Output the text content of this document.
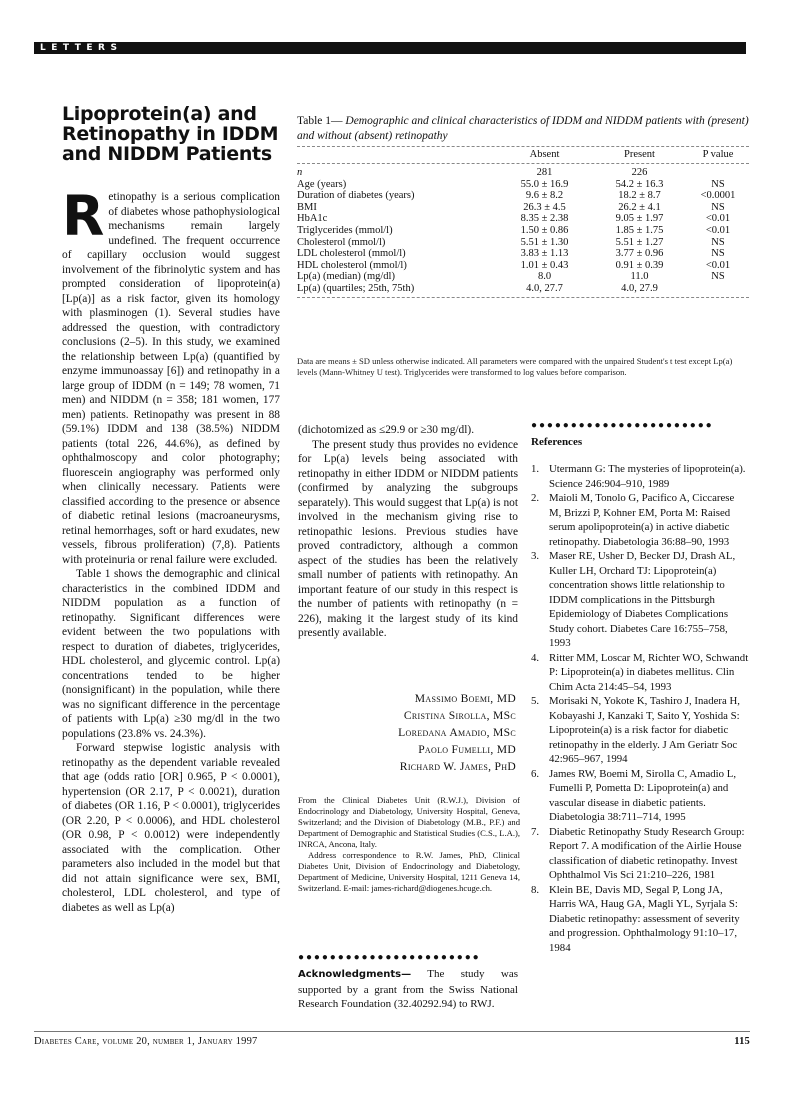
LETTERS
Lipoprotein(a) and Retinopathy in IDDM and NIDDM Patients
Table 1— Demographic and clinical characteristics of IDDM and NIDDM patients with (present) and without (absent) retinopathy
	Absent	Present	P value
n	281	226	
Age (years)	55.0 ± 16.9	54.2 ± 16.3	NS
Duration of diabetes (years)	9.6 ± 8.2	18.2 ± 8.7	<0.0001
BMI	26.3 ± 4.5	26.2 ± 4.1	NS
HbA1c	8.35 ± 2.38	9.05 ± 1.97	<0.01
Triglycerides (mmol/l)	1.50 ± 0.86	1.85 ± 1.75	<0.01
Cholesterol (mmol/l)	5.51 ± 1.30	5.51 ± 1.27	NS
LDL cholesterol (mmol/l)	3.83 ± 1.13	3.77 ± 0.96	NS
HDL cholesterol (mmol/l)	1.01 ± 0.43	0.91 ± 0.39	<0.01
Lp(a) (median) (mg/dl)	8.0	11.0	NS
Lp(a) (quartiles; 25th, 75th)	4.0, 27.7	4.0, 27.9	
Data are means ± SD unless otherwise indicated. All parameters were compared with the unpaired Student's t test except Lp(a) levels (Mann-Whitney U test). Triglycerides were transformed to log values before comparison.

Retinopathy is a serious complication of diabetes whose pathophysiological mechanisms remain largely undefined. The frequent occurrence of capillary occlusion would suggest involvement of the fibrinolytic system and has prompted consideration of lipoprotein(a) [Lp(a)] as a risk factor, given its homology with plasminogen (1). Several studies have addressed the question, with contradictory conclusions (2–5). In this study, we examined the relationship between Lp(a) (quantified by enzyme immunoassay [6]) and retinopathy in a large group of IDDM (n = 149; 78 women, 71 men) and NIDDM (n = 358; 181 women, 177 men) patients. Retinopathy was present in 88 (59.1%) IDDM and 138 (38.5%) NIDDM patients (total 226, 44.6%), as defined by ophthalmoscopy and color photography; fluorescein angiography was performed only when clinically necessary. Patients were classified according to the presence or absence of diabetic retinal lesions (macroaneurysms, retinal hemorrhages, soft or hard exudates, new vessels, fibrous proliferation) (7,8). Patients with proteinuria or renal failure were excluded.

Table 1 shows the demographic and clinical characteristics in the combined IDDM and NIDDM population as a function of retinopathy. Significant differences were evident between the two populations with respect to duration of diabetes, triglycerides, HDL cholesterol, and glycemic control. Lp(a) concentrations tended to be higher (nonsignificant) in the population, while there was no significant difference in the percentage of patients with Lp(a) ≥30 mg/dl in the two populations (23.8% vs. 24.3%).

Forward stepwise logistic analysis with retinopathy as the dependent variable revealed that age (odds ratio [OR] 0.965, P < 0.0001), hypertension (OR 2.17, P < 0.0021), duration of diabetes (OR 1.16, P < 0.0001), triglycerides (OR 2.20, P < 0.0006), and HDL cholesterol (OR 0.98, P < 0.0012) were independently associated with the complication. Other parameters also included in the model but that did not attain significance were sex, BMI, cholesterol, LDL cholesterol, and type of diabetes as well as Lp(a)

(dichotomized as ≤29.9 or ≥30 mg/dl).

The present study thus provides no evidence for Lp(a) levels being associated with retinopathy in either IDDM or NIDDM patients (confirmed by analyzing the subgroups separately). This would suggest that Lp(a) is not involved in the mechanism giving rise to retinopathic lesions. Previous studies have proved contradictory, although a common aspect of the studies has been the relatively small number of patients with retinopathy. An important feature of our study in this respect is the number of patients with retinopathy (n = 226), making it the largest study of its kind presently available.

Massimo Boemi, MD
Cristina Sirolla, MSc
Loredana Amadio, MSc
Paolo Fumelli, MD
Richard W. James, PhD

From the Clinical Diabetes Unit (R.W.J.), Division of Endocrinology and Diabetology, University Hospital, Geneva, Switzerland; and the Division of Diabetology (M.B., P.F.) and Department of Demographic and Statistical Studies (C.S., L.A.), INRCA, Ancona, Italy.

Address correspondence to R.W. James, PhD, Clinical Diabetes Unit, Division of Endocrinology and Diabetology, Department of Medicine, University Hospital, 1211 Geneva 14, Switzerland. E-mail: james-richard@diogenes.hcuge.ch.

●●●●●●●●●●●●●●●●●●●●●●●
Acknowledgments— The study was supported by a grant from the Swiss National Research Foundation (32.40292.94) to RWJ.
●●●●●●●●●●●●●●●●●●●●●●●
References
1. Utermann G: The mysteries of lipoprotein(a). Science 246:904–910, 1989
2. Maioli M, Tonolo G, Pacifico A, Ciccarese M, Brizzi P, Kohner EM, Porta M: Raised serum apolipoprotein(a) in active diabetic retinopathy. Diabetologia 36:88–90, 1993
3. Maser RE, Usher D, Becker DJ, Drash AL, Kuller LH, Orchard TJ: Lipoprotein(a) concentration shows little relationship to IDDM complications in the Pittsburgh Epidemiology of Diabetes Complications Study cohort. Diabetes Care 16:755–758, 1993
4. Ritter MM, Loscar M, Richter WO, Schwandt P: Lipoprotein(a) in diabetes mellitus. Clin Chim Acta 214:45–54, 1993
5. Morisaki N, Yokote K, Tashiro J, Inadera H, Kobayashi J, Kanzaki T, Saito Y, Yoshida S: Lipoprotein(a) is a risk factor for diabetic retinopathy in the elderly. J Am Geriatr Soc 42:965–967, 1994
6. James RW, Boemi M, Sirolla C, Amadio L, Fumelli P, Pometta D: Lipoprotein(a) and vascular disease in diabetic patients. Diabetologia 38:711–714, 1995
7. Diabetic Retinopathy Study Research Group: Report 7. A modification of the Airlie House classification of diabetic retinopathy. Invest Ophthalmol Vis Sci 21:210–226, 1981
8. Klein BE, Davis MD, Segal P, Long JA, Harris WA, Haug GA, Magli YL, Syrjala S: Diabetic retinopathy: assessment of severity and progression. Ophthalmology 91:10–17, 1984
Diabetes Care, volume 20, number 1, January 1997	115
